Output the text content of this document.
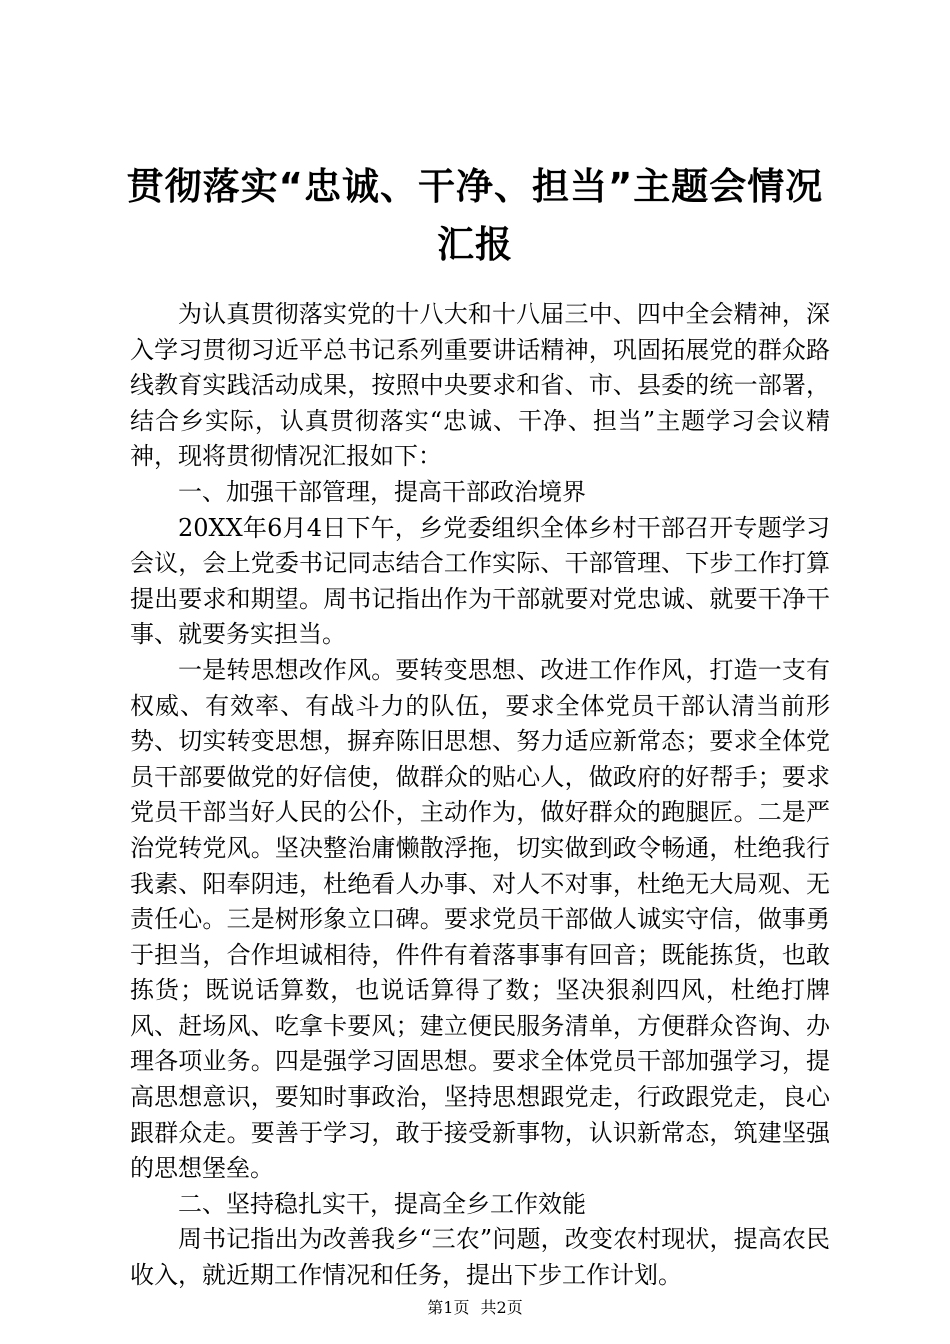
贯彻落实“忠诚、干净、担当”主题会情况汇报

为认真贯彻落实党的十八大和十八届三中、四中全会精神，深入学习贯彻习近平总书记系列重要讲话精神，巩固拓展党的群众路线教育实践活动成果，按照中央要求和省、市、县委的统一部署，结合乡实际，认真贯彻落实“忠诚、干净、担当”主题学习会议精神，现将贯彻情况汇报如下：

一、加强干部管理，提高干部政治境界

20XX年6月4日下午，乡党委组织全体乡村干部召开专题学习会议，会上党委书记同志结合工作实际、干部管理、下步工作打算提出要求和期望。周书记指出作为干部就要对党忠诚、就要干净干事、就要务实担当。

一是转思想改作风。要转变思想、改进工作作风，打造一支有权威、有效率、有战斗力的队伍，要求全体党员干部认清当前形势、切实转变思想，摒弃陈旧思想、努力适应新常态；要求全体党员干部要做党的好信使，做群众的贴心人，做政府的好帮手；要求党员干部当好人民的公仆，主动作为，做好群众的跑腿匠。二是严治党转党风。坚决整治庸懒散浮拖，切实做到政令畅通，杜绝我行我素、阳奉阴违，杜绝看人办事、对人不对事，杜绝无大局观、无责任心。三是树形象立口碑。要求党员干部做人诚实守信，做事勇于担当，合作坦诚相待，件件有着落事事有回音；既能拣货，也敢拣货；既说话算数，也说话算得了数；坚决狠刹四风，杜绝打牌风、赶场风、吃拿卡要风；建立便民服务清单，方便群众咨询、办理各项业务。四是强学习固思想。要求全体党员干部加强学习，提高思想意识，要知时事政治，坚持思想跟党走，行政跟党走，良心跟群众走。要善于学习，敢于接受新事物，认识新常态，筑建坚强的思想堡垒。

二、坚持稳扎实干，提高全乡工作效能

周书记指出为改善我乡“三农”问题，改变农村现状，提高农民收入，就近期工作情况和任务，提出下步工作计划。

第1页 共2页
